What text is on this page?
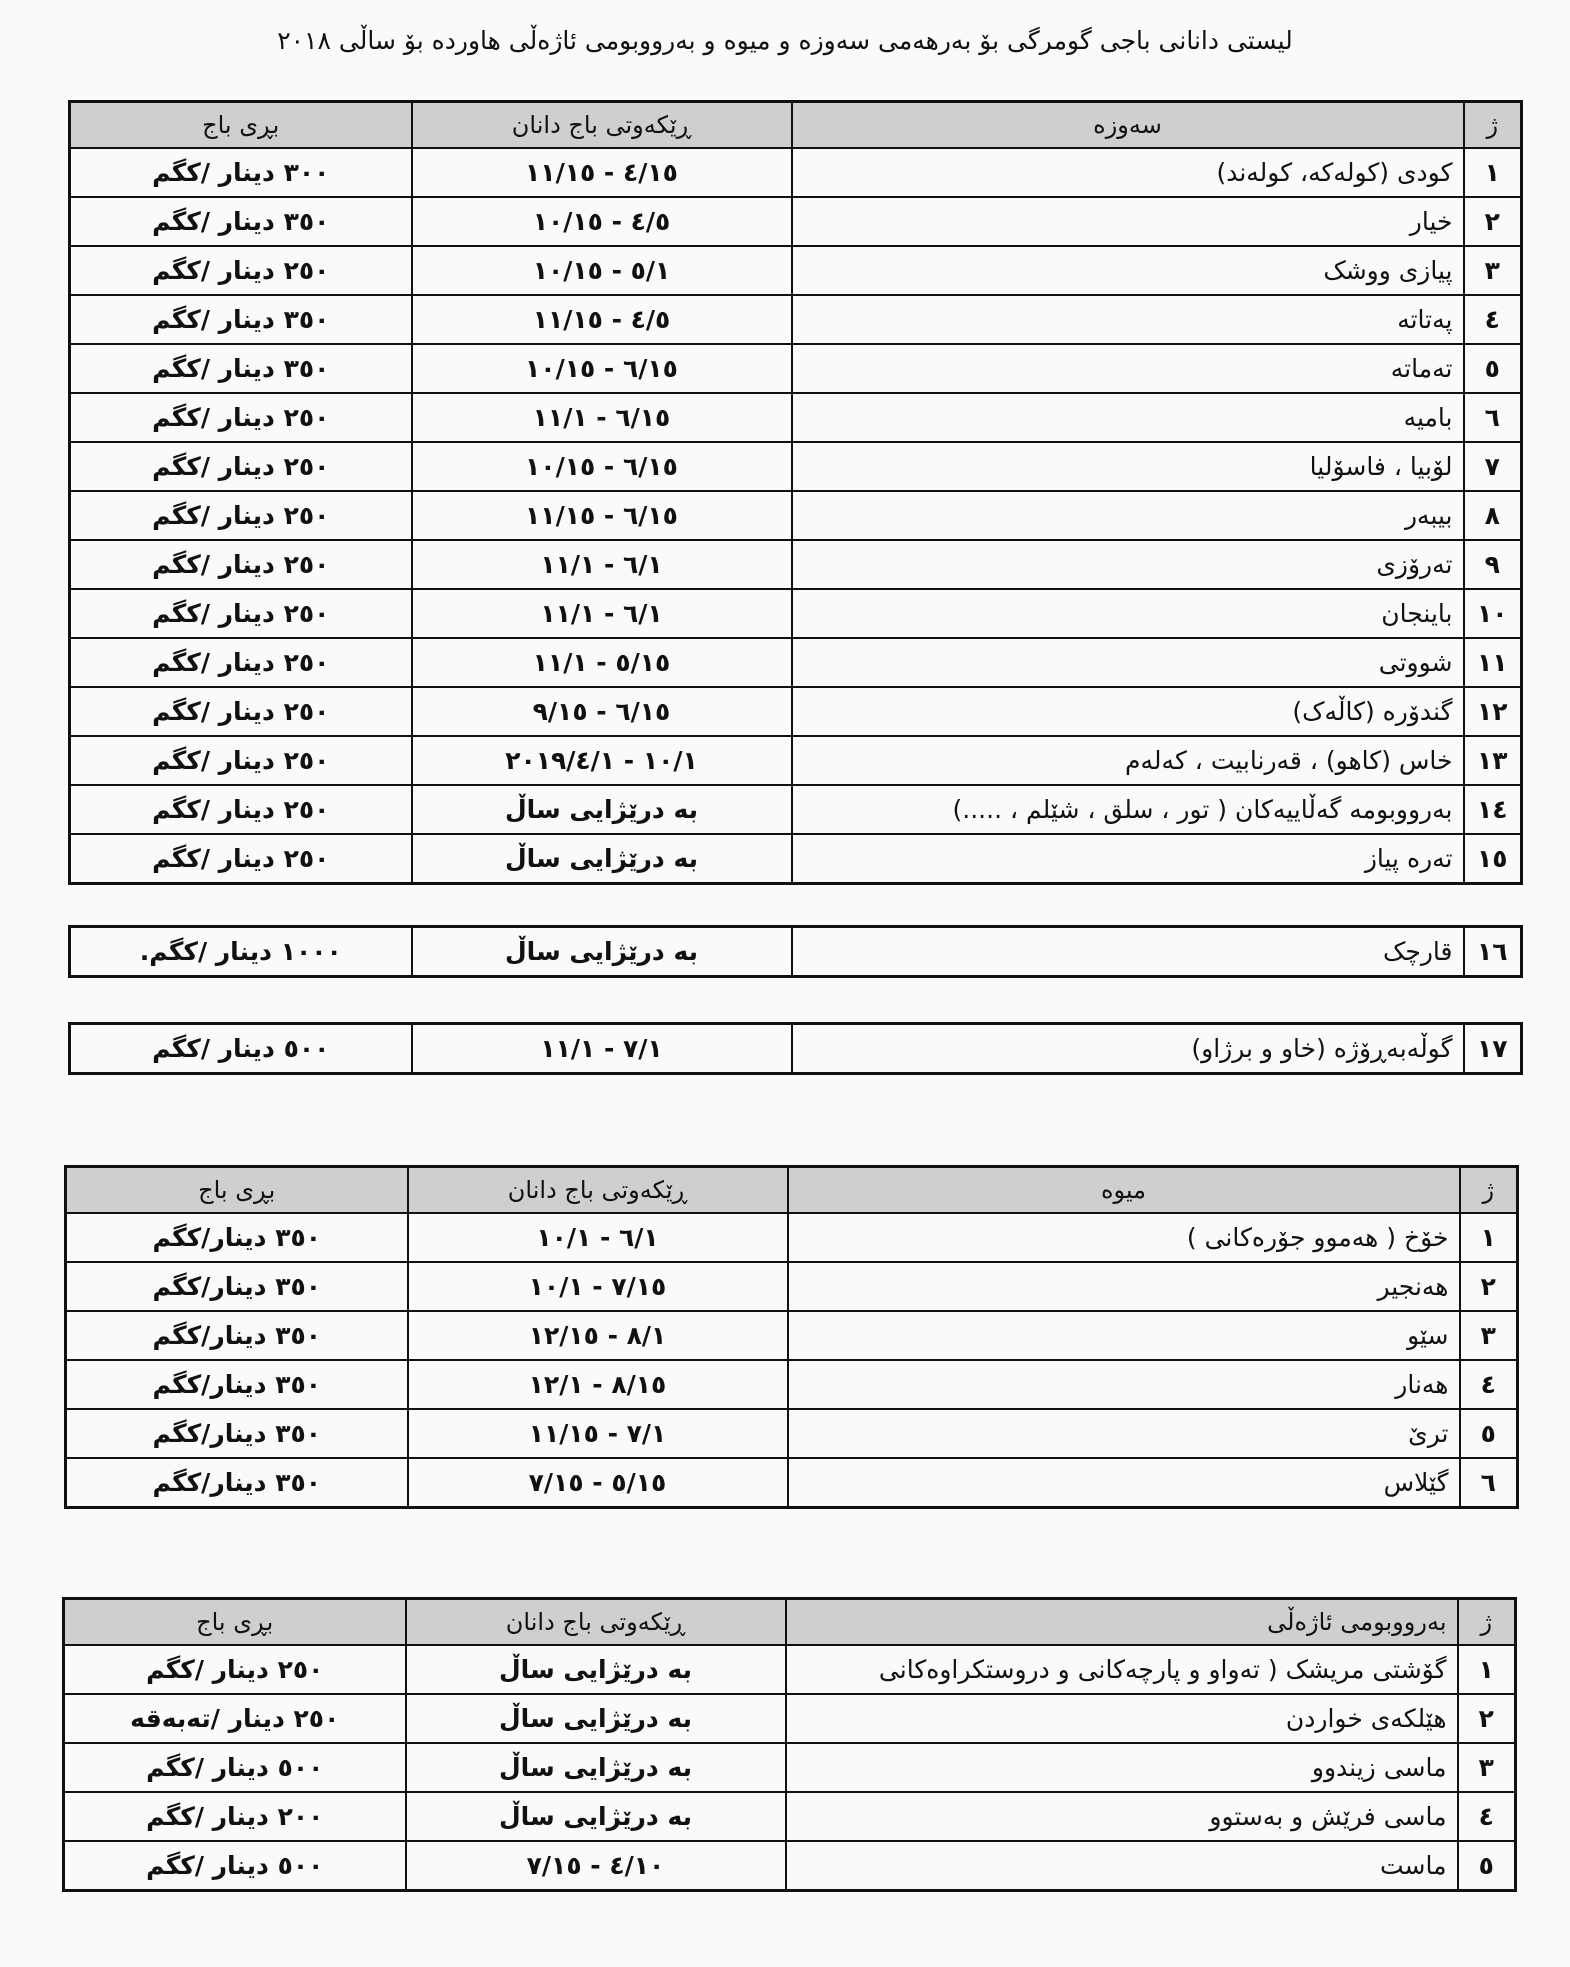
لیستی دانانی باجی گومرگی بۆ بەرهەمی سەوزە و میوە و بەرووبومی ئاژەڵی هاوردە بۆ ساڵی ٢٠١٨
ژ	سەوزە	ڕێکەوتی باج دانان	بڕی باج
١	کودی (کولەکە، کولەند)	٤/١٥ - ١١/١٥	٣٠٠ دینار /کگم
٢	خیار	٤/٥ - ١٠/١٥	٣٥٠ دینار /کگم
٣	پیازی ووشک	٥/١ - ١٠/١٥	٢٥٠ دینار /کگم
٤	پەتاتە	٤/٥ - ١١/١٥	٣٥٠ دینار /کگم
٥	تەماتە	٦/١٥ - ١٠/١٥	٣٥٠ دینار /کگم
٦	بامیە	٦/١٥ - ١١/١	٢٥٠ دینار /کگم
٧	لۆبیا ، فاسۆلیا	٦/١٥ - ١٠/١٥	٢٥٠ دینار /کگم
٨	بیبەر	٦/١٥ - ١١/١٥	٢٥٠ دینار /کگم
٩	تەرۆزی	٦/١ - ١١/١	٢٥٠ دینار /کگم
١٠	باینجان	٦/١ - ١١/١	٢٥٠ دینار /کگم
١١	شووتی	٥/١٥ - ١١/١	٢٥٠ دینار /کگم
١٢	گندۆرە (کاڵەک)	٦/١٥ - ٩/١٥	٢٥٠ دینار /کگم
١٣	خاس (کاهو) ، قەرنابیت ، کەلەم	١٠/١ - ٢٠١٩/٤/١	٢٥٠ دینار /کگم
١٤	بەرووبومە گەڵاییەکان ( تور ، سلق ، شێلم ، .....)	بە درێژایی ساڵ	٢٥٠ دینار /کگم
١٥	تەرە پیاز	بە درێژایی ساڵ	٢٥٠ دینار /کگم
١٦	قارچک	بە درێژایی ساڵ	١٠٠٠ دینار /کگم.
١٧	گوڵەبەڕۆژە (خاو و برژاو)	٧/١ - ١١/١	٥٠٠ دینار /کگم
ژ	میوە	ڕێکەوتی باج دانان	بڕی باج
١	خۆخ ( هەموو جۆرەکانی )	٦/١ - ١٠/١	٣٥٠ دینار/کگم
٢	هەنجیر	٧/١٥ - ١٠/١	٣٥٠ دینار/کگم
٣	سێو	٨/١ - ١٢/١٥	٣٥٠ دینار/کگم
٤	هەنار	٨/١٥ - ١٢/١	٣٥٠ دینار/کگم
٥	ترێ	٧/١ - ١١/١٥	٣٥٠ دینار/کگم
٦	گێلاس	٥/١٥ - ٧/١٥	٣٥٠ دینار/کگم
ژ	بەرووبومی ئاژەڵی	ڕێکەوتی باج دانان	بڕی باج
١	گۆشتی مریشک ( تەواو و پارچەکانی و دروستکراوەکانی	بە درێژایی ساڵ	٢٥٠ دینار /کگم
٢	هێلکەی خواردن	بە درێژایی ساڵ	٢٥٠ دینار /تەبەقە
٣	ماسی زیندوو	بە درێژایی ساڵ	٥٠٠ دینار /کگم
٤	ماسی فرێش و بەستوو	بە درێژایی ساڵ	٢٠٠ دینار /کگم
٥	ماست	٤/١٠ - ٧/١٥	٥٠٠ دینار /کگم
